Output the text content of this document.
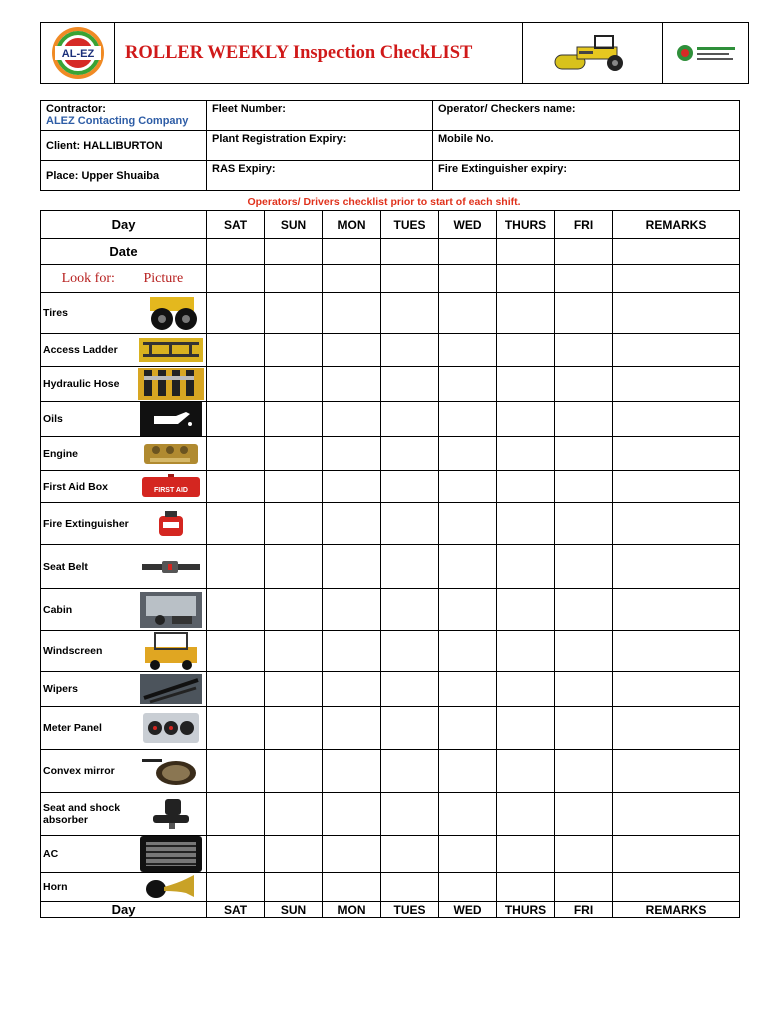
AL-EZ ROLLER WEEKLY Inspection CheckLIST
Contractor:
ALEZ Contacting Company	Fleet Number:	Operator/ Checkers name:
Client: HALLIBURTON	Plant Registration Expiry:	Mobile No.
Place: Upper Shuaiba	RAS Expiry:	Fire Extinguisher expiry:
Operators/ Drivers checklist prior to start of each shift.
Day		SAT	SUN	MON	TUES	WED	THURS	FRI	REMARKS
Date									
Look for:	Picture								
Tires	

Access Ladder	

Hydraulic Hose	

Oils	

Engine	

First Aid Box	FIRST AID								

Fire Extinguisher	

Seat Belt	

Cabin	

Windscreen	

Wipers	

Meter Panel	

Convex mirror	

Seat and shock absorber	

AC	

Horn	

Day		SAT	SUN	MON	TUES	WED	THURS	FRI	REMARKS
